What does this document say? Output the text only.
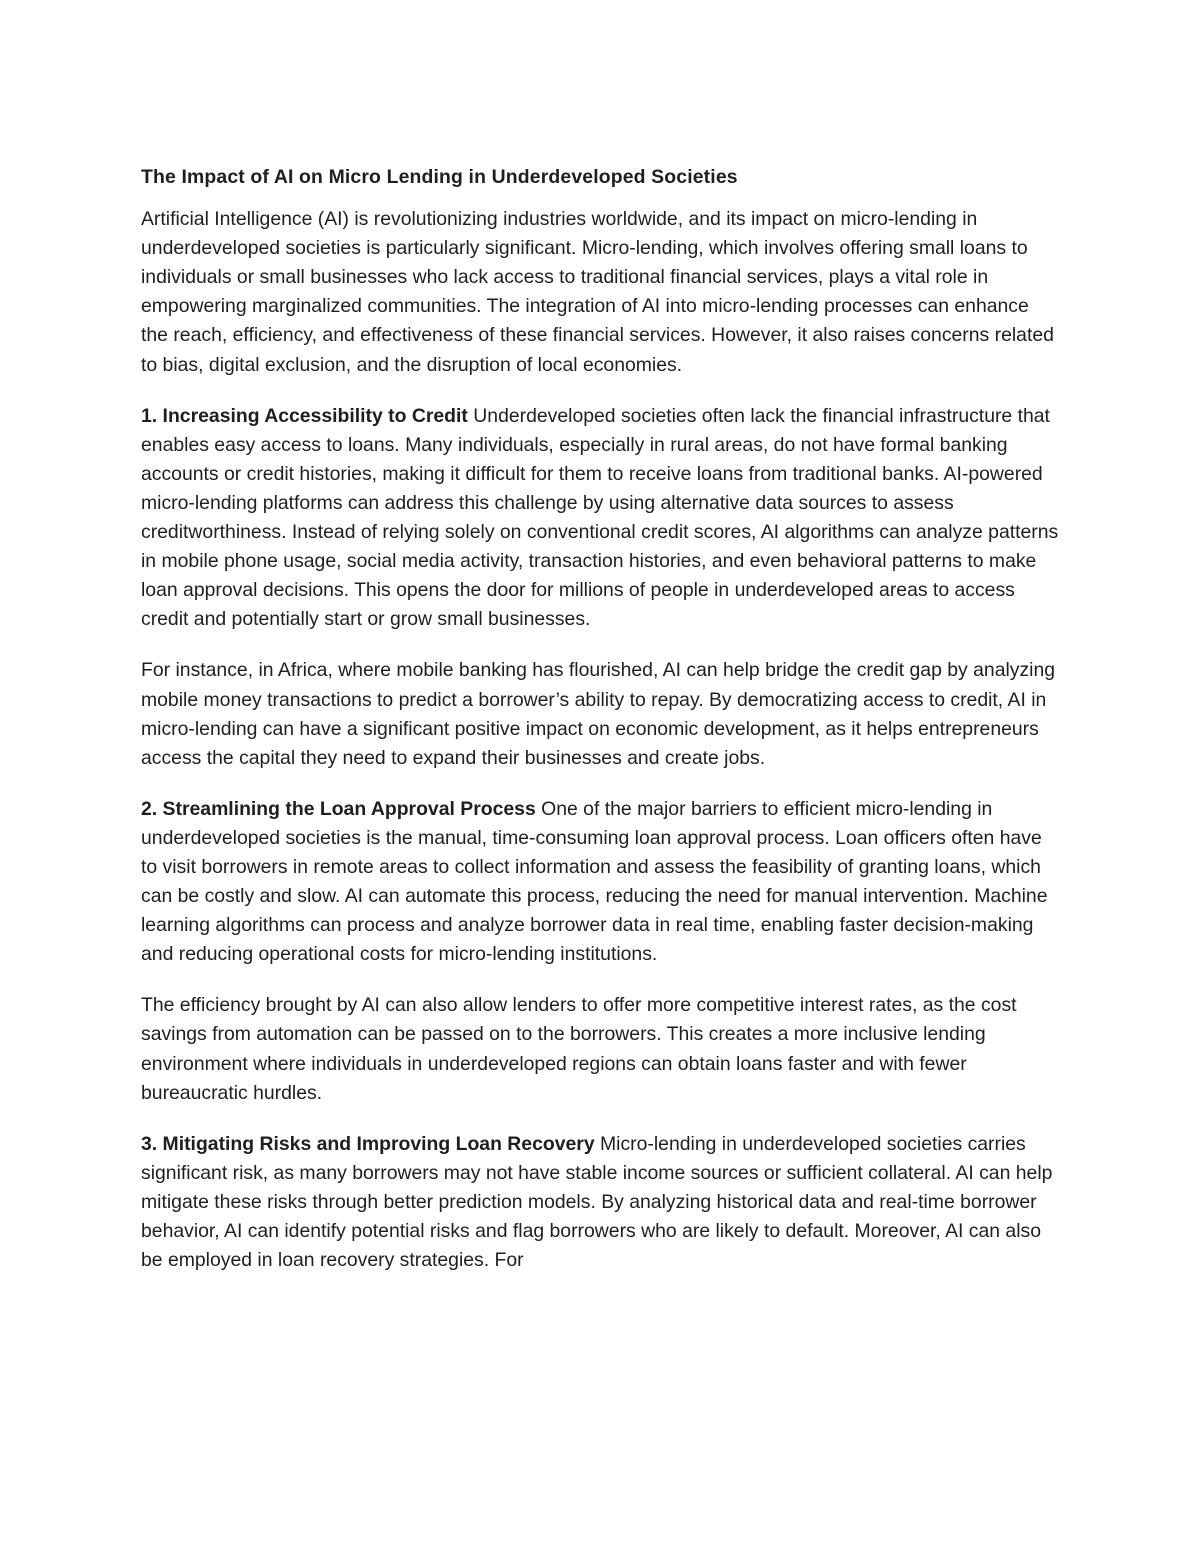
The Impact of AI on Micro Lending in Underdeveloped Societies

Artificial Intelligence (AI) is revolutionizing industries worldwide, and its impact on micro-lending in underdeveloped societies is particularly significant. Micro-lending, which involves offering small loans to individuals or small businesses who lack access to traditional financial services, plays a vital role in empowering marginalized communities. The integration of AI into micro-lending processes can enhance the reach, efficiency, and effectiveness of these financial services. However, it also raises concerns related to bias, digital exclusion, and the disruption of local economies.

1. Increasing Accessibility to Credit Underdeveloped societies often lack the financial infrastructure that enables easy access to loans. Many individuals, especially in rural areas, do not have formal banking accounts or credit histories, making it difficult for them to receive loans from traditional banks. AI-powered micro-lending platforms can address this challenge by using alternative data sources to assess creditworthiness. Instead of relying solely on conventional credit scores, AI algorithms can analyze patterns in mobile phone usage, social media activity, transaction histories, and even behavioral patterns to make loan approval decisions. This opens the door for millions of people in underdeveloped areas to access credit and potentially start or grow small businesses.

For instance, in Africa, where mobile banking has flourished, AI can help bridge the credit gap by analyzing mobile money transactions to predict a borrower’s ability to repay. By democratizing access to credit, AI in micro-lending can have a significant positive impact on economic development, as it helps entrepreneurs access the capital they need to expand their businesses and create jobs.

2. Streamlining the Loan Approval Process One of the major barriers to efficient micro-lending in underdeveloped societies is the manual, time-consuming loan approval process. Loan officers often have to visit borrowers in remote areas to collect information and assess the feasibility of granting loans, which can be costly and slow. AI can automate this process, reducing the need for manual intervention. Machine learning algorithms can process and analyze borrower data in real time, enabling faster decision-making and reducing operational costs for micro-lending institutions.

The efficiency brought by AI can also allow lenders to offer more competitive interest rates, as the cost savings from automation can be passed on to the borrowers. This creates a more inclusive lending environment where individuals in underdeveloped regions can obtain loans faster and with fewer bureaucratic hurdles.

3. Mitigating Risks and Improving Loan Recovery Micro-lending in underdeveloped societies carries significant risk, as many borrowers may not have stable income sources or sufficient collateral. AI can help mitigate these risks through better prediction models. By analyzing historical data and real-time borrower behavior, AI can identify potential risks and flag borrowers who are likely to default. Moreover, AI can also be employed in loan recovery strategies. For
